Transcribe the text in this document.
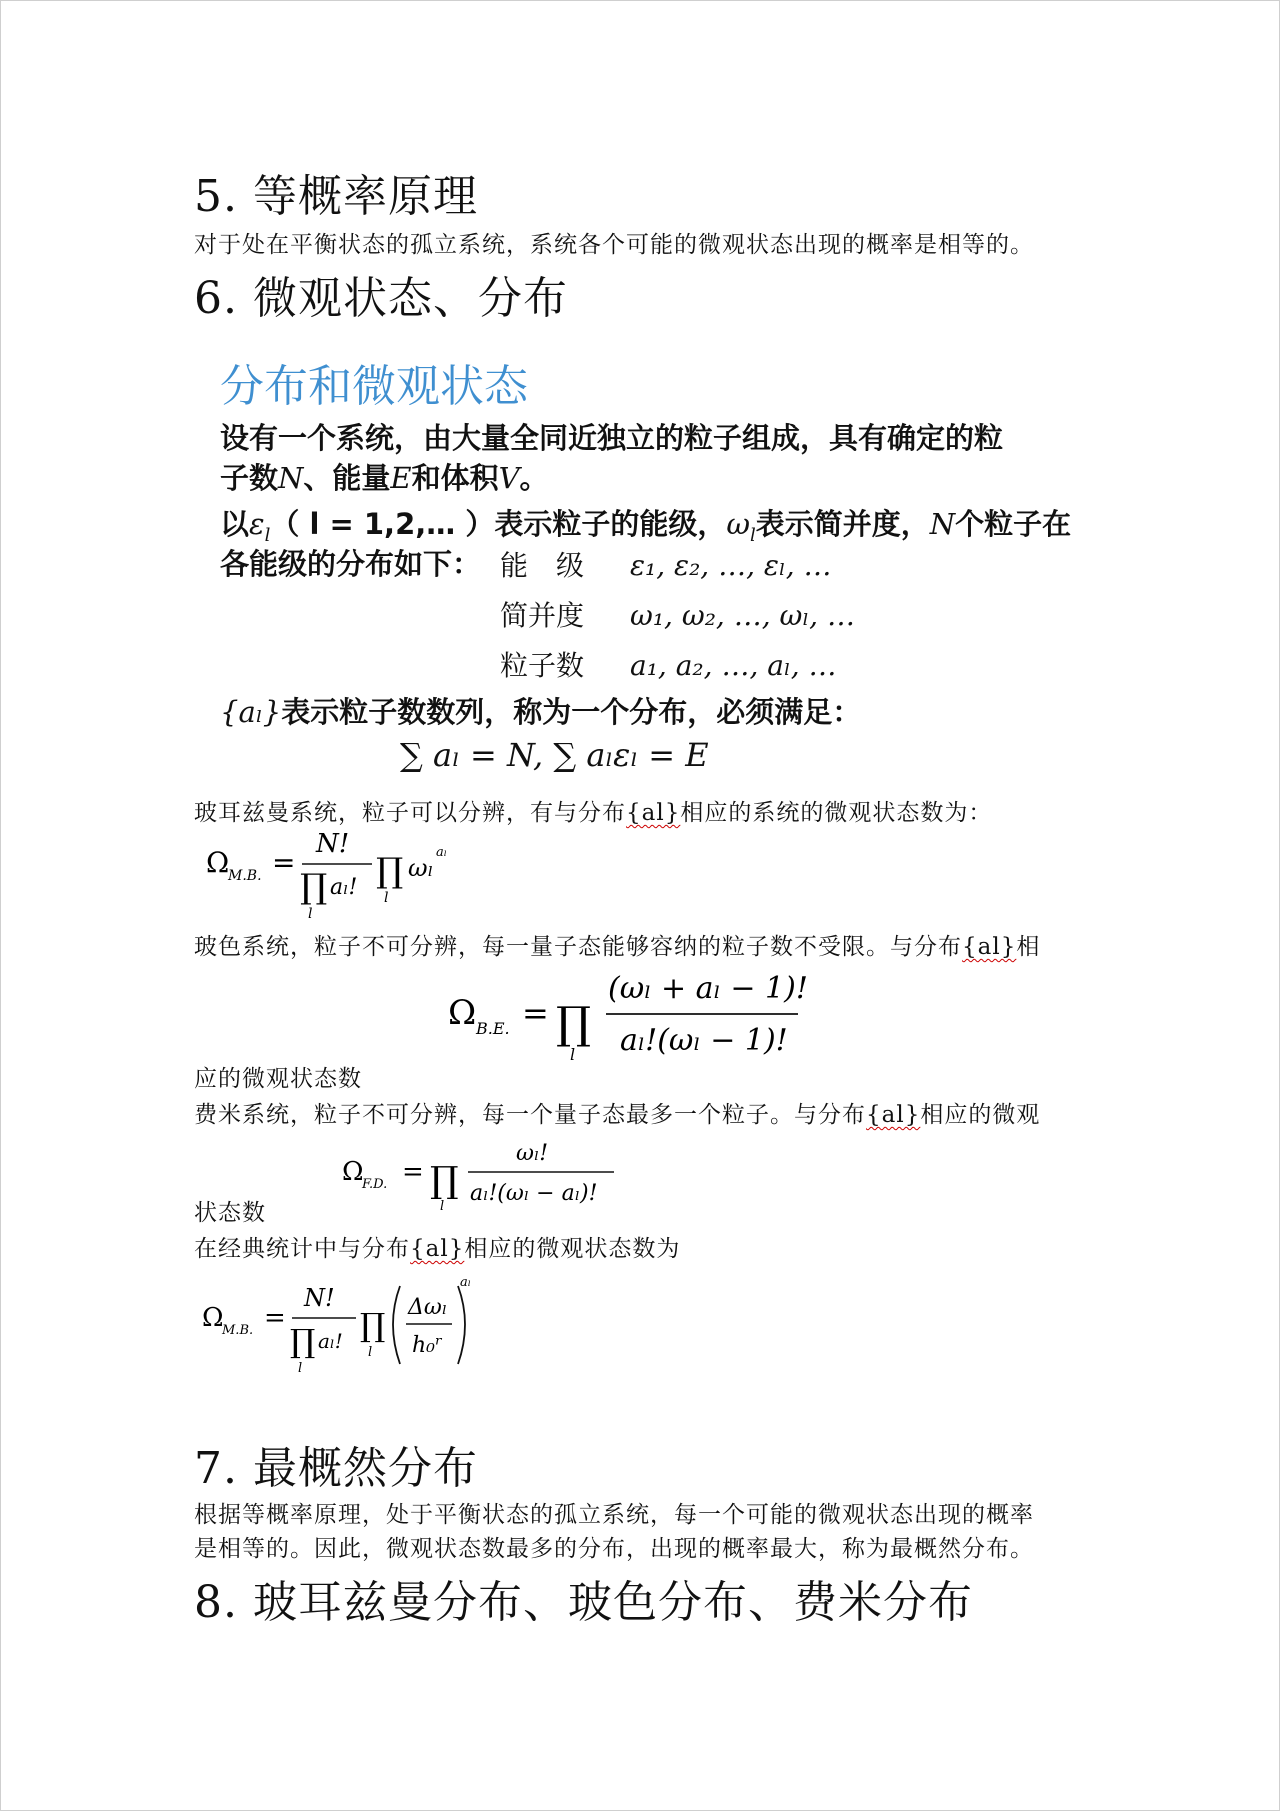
5. 等概率原理
对于处在平衡状态的孤立系统，系统各个可能的微观状态出现的概率是相等的。
6. 微观状态、分布
分布和微观状态
设有一个系统，由大量全同近独立的粒子组成，具有确定的粒
子数N、能量E和体积V。
以$\varepsilon_l$（ l = 1,2,… ）表示粒子的能级，$\omega_l$表示简并度，N个粒子在
各能级的分布如下： 能　级 ε₁, ε₂, …, εₗ, …
简并度 ω₁, ω₂, …, ωₗ, …
粒子数 a₁, a₂, …, aₗ, …
{aₗ}表示粒子数数列，称为一个分布，必须满足：
∑ aₗ = N, ∑ aₗεₗ = E
玻耳兹曼系统，粒子可以分辨，有与分布{al}相应的系统的微观状态数为：
Ω
M.B. =
N!
∏
l
aₗ! ∏
l
ωₗ
aₗ
玻色系统，粒子不可分辨，每一量子态能够容纳的粒子数不受限。与分布{al}相
Ω B.E. = ∏
l
(ωₗ + aₗ − 1)!
aₗ!(ωₗ − 1)!
应的微观状态数
费米系统，粒子不可分辨，每一个量子态最多一个粒子。与分布{al}相应的微观
Ω
F.D. = ∏
l
ωₗ!
aₗ!(ωₗ − aₗ)!
状态数
在经典统计中与分布{al}相应的微观状态数为
Ω
M.B. =
N!
∏
l
aₗ! ∏
l
Δωₗ
h₀ʳ
aₗ
7. 最概然分布
根据等概率原理，处于平衡状态的孤立系统，每一个可能的微观状态出现的概率
是相等的。因此，微观状态数最多的分布，出现的概率最大，称为最概然分布。
8. 玻耳兹曼分布、玻色分布、费米分布
